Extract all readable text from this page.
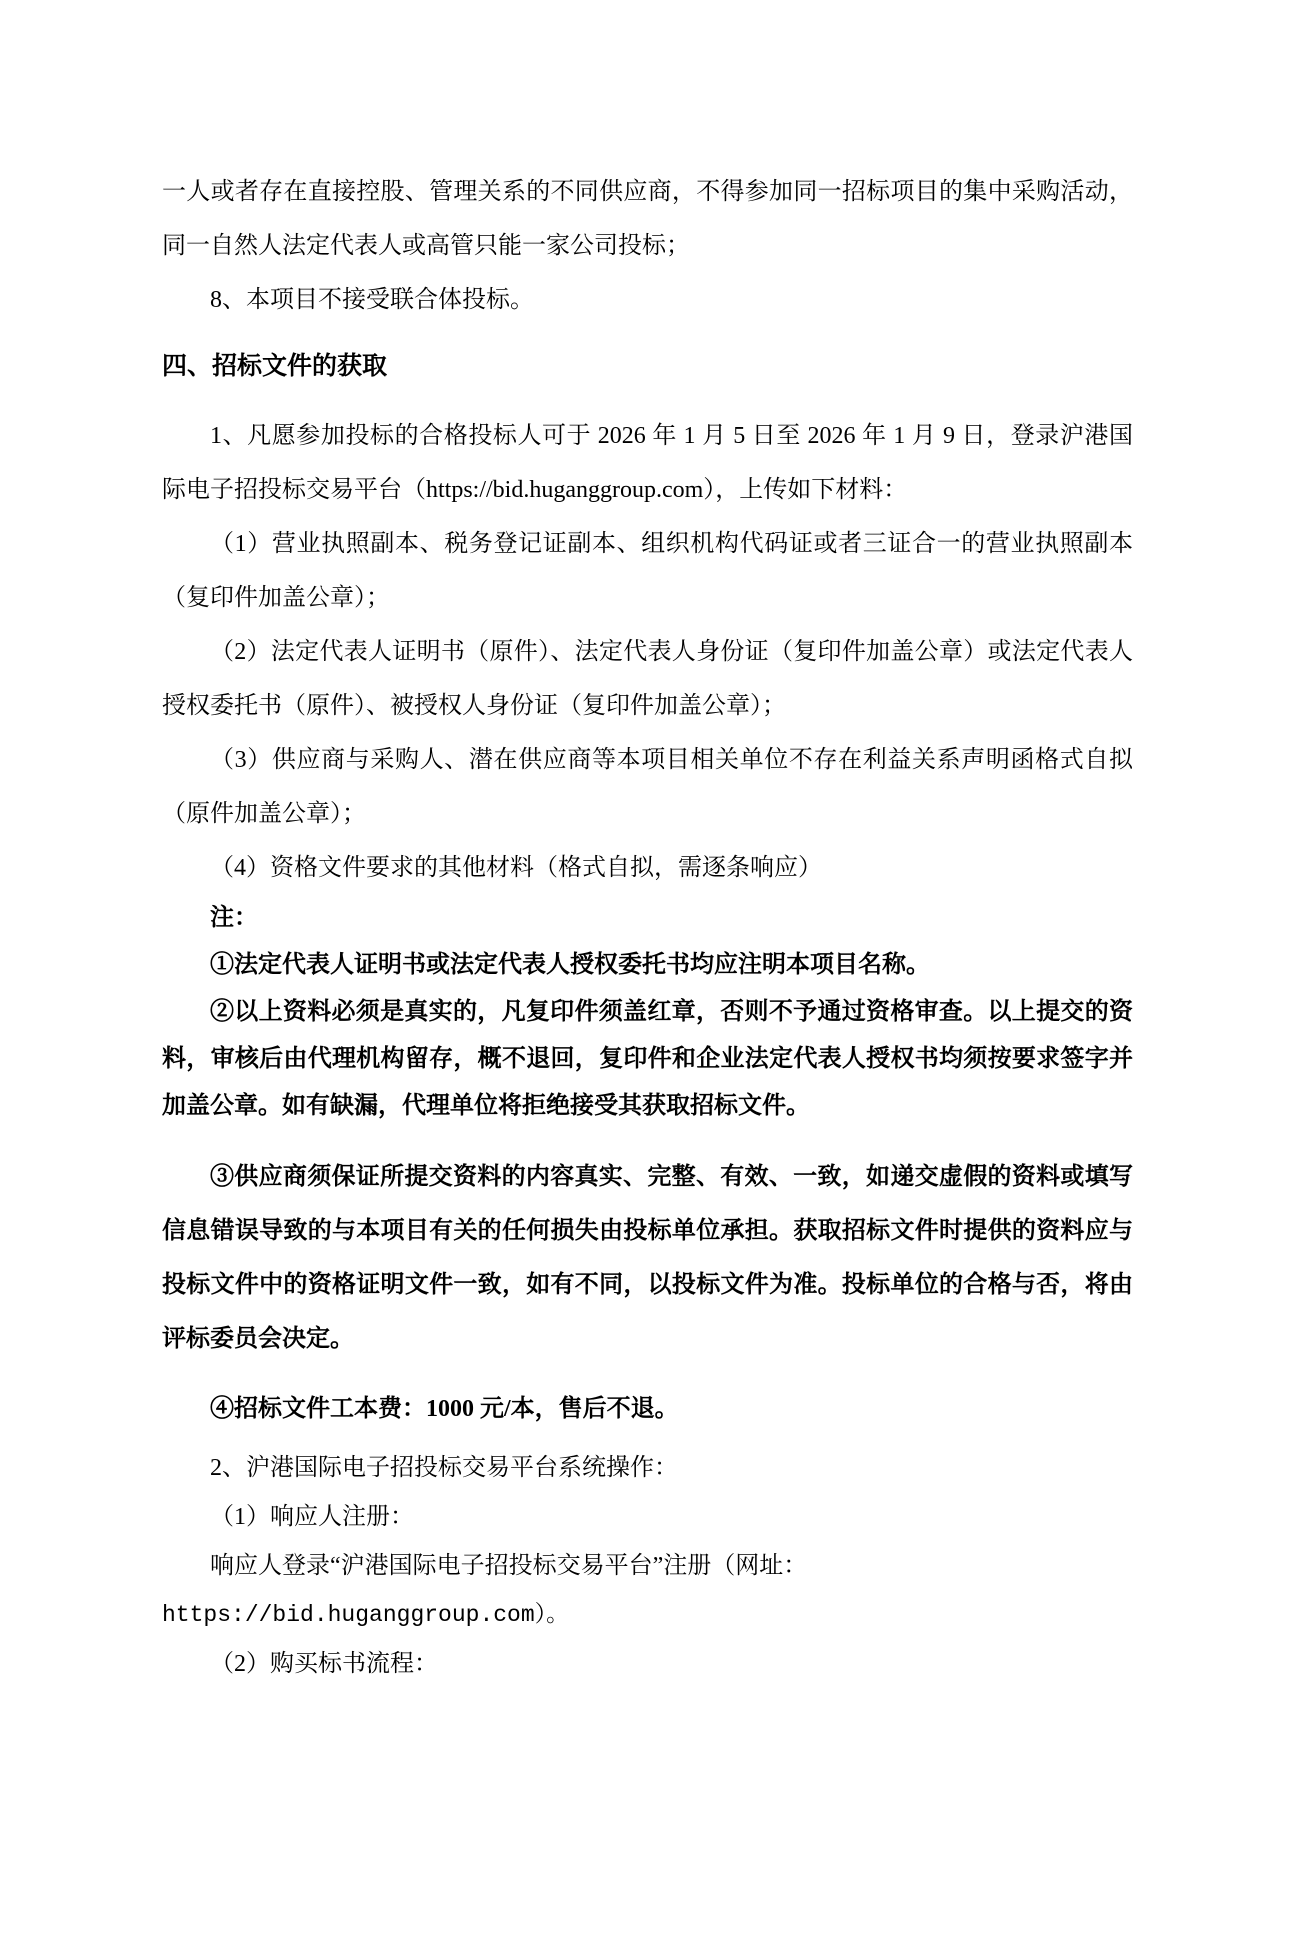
一人或者存在直接控股、管理关系的不同供应商，不得参加同一招标项目的集中采购活动，同一自然人法定代表人或高管只能一家公司投标；

8、本项目不接受联合体投标。

四、招标文件的获取

1、凡愿参加投标的合格投标人可于 2026 年 1 月 5 日至 2026 年 1 月 9 日，登录沪港国际电子招投标交易平台（https://bid.huganggroup.com），上传如下材料：

（1）营业执照副本、税务登记证副本、组织机构代码证或者三证合一的营业执照副本（复印件加盖公章）；

（2）法定代表人证明书（原件）、法定代表人身份证（复印件加盖公章）或法定代表人授权委托书（原件）、被授权人身份证（复印件加盖公章）；

（3）供应商与采购人、潜在供应商等本项目相关单位不存在利益关系声明函格式自拟（原件加盖公章）；

（4）资格文件要求的其他材料（格式自拟，需逐条响应）

注：

①法定代表人证明书或法定代表人授权委托书均应注明本项目名称。

②以上资料必须是真实的，凡复印件须盖红章，否则不予通过资格审查。以上提交的资料，审核后由代理机构留存，概不退回，复印件和企业法定代表人授权书均须按要求签字并加盖公章。如有缺漏，代理单位将拒绝接受其获取招标文件。

③供应商须保证所提交资料的内容真实、完整、有效、一致，如递交虚假的资料或填写信息错误导致的与本项目有关的任何损失由投标单位承担。获取招标文件时提供的资料应与投标文件中的资格证明文件一致，如有不同，以投标文件为准。投标单位的合格与否，将由评标委员会决定。

④招标文件工本费：1000 元/本，售后不退。

2、沪港国际电子招投标交易平台系统操作：

（1）响应人注册：

响应人登录“沪港国际电子招投标交易平台”注册（网址：

https://bid.huganggroup.com）。

（2）购买标书流程：
